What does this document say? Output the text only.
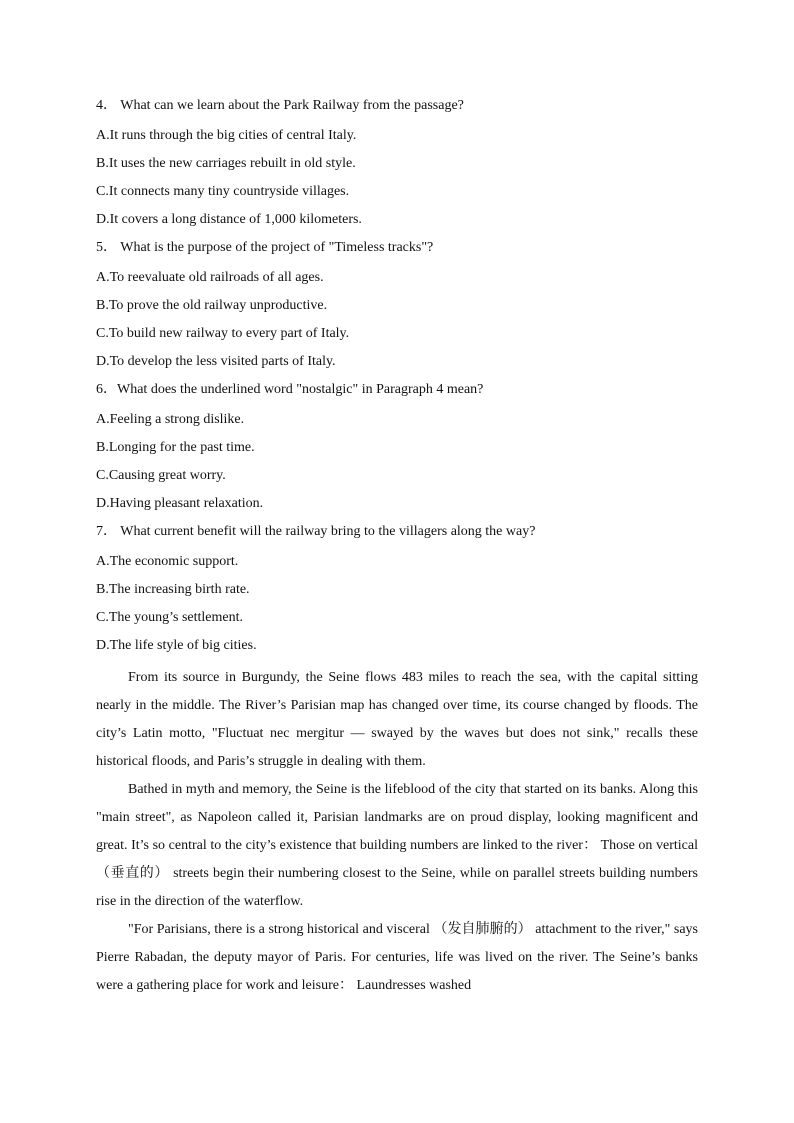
4． What can we learn about the Park Railway from the passage?

A.It runs through the big cities of central Italy.

B.It uses the new carriages rebuilt in old style.

C.It connects many tiny countryside villages.

D.It covers a long distance of 1,000 kilometers.

5． What is the purpose of the project of "Timeless tracks"?

A.To reevaluate old railroads of all ages.

B.To prove the old railway unproductive.

C.To build new railway to every part of Italy.

D.To develop the less visited parts of Italy.

6．What does the underlined word "nostalgic" in Paragraph 4 mean?

A.Feeling a strong dislike.

B.Longing for the past time.

C.Causing great worry.

D.Having pleasant relaxation.

7． What current benefit will the railway bring to the villagers along the way?

A.The economic support.

B.The increasing birth rate.

C.The young’s settlement.

D.The life style of big cities.

From its source in Burgundy, the Seine flows 483 miles to reach the sea, with the capital sitting nearly in the middle. The River’s Parisian map has changed over time, its course changed by floods. The city’s Latin motto, "Fluctuat nec mergitur — swayed by the waves but does not sink," recalls these historical floods, and Paris’s struggle in dealing with them.

Bathed in myth and memory, the Seine is the lifeblood of the city that started on its banks. Along this "main street", as Napoleon called it, Parisian landmarks are on proud display, looking magnificent and great. It’s so central to the city’s existence that building numbers are linked to the river： Those on vertical （垂直的） streets begin their numbering closest to the Seine, while on parallel streets building numbers rise in the direction of the waterflow.

"For Parisians, there is a strong historical and visceral （发自肺腑的） attachment to the river," says Pierre Rabadan, the deputy mayor of Paris. For centuries, life was lived on the river. The Seine’s banks were a gathering place for work and leisure： Laundresses washed
